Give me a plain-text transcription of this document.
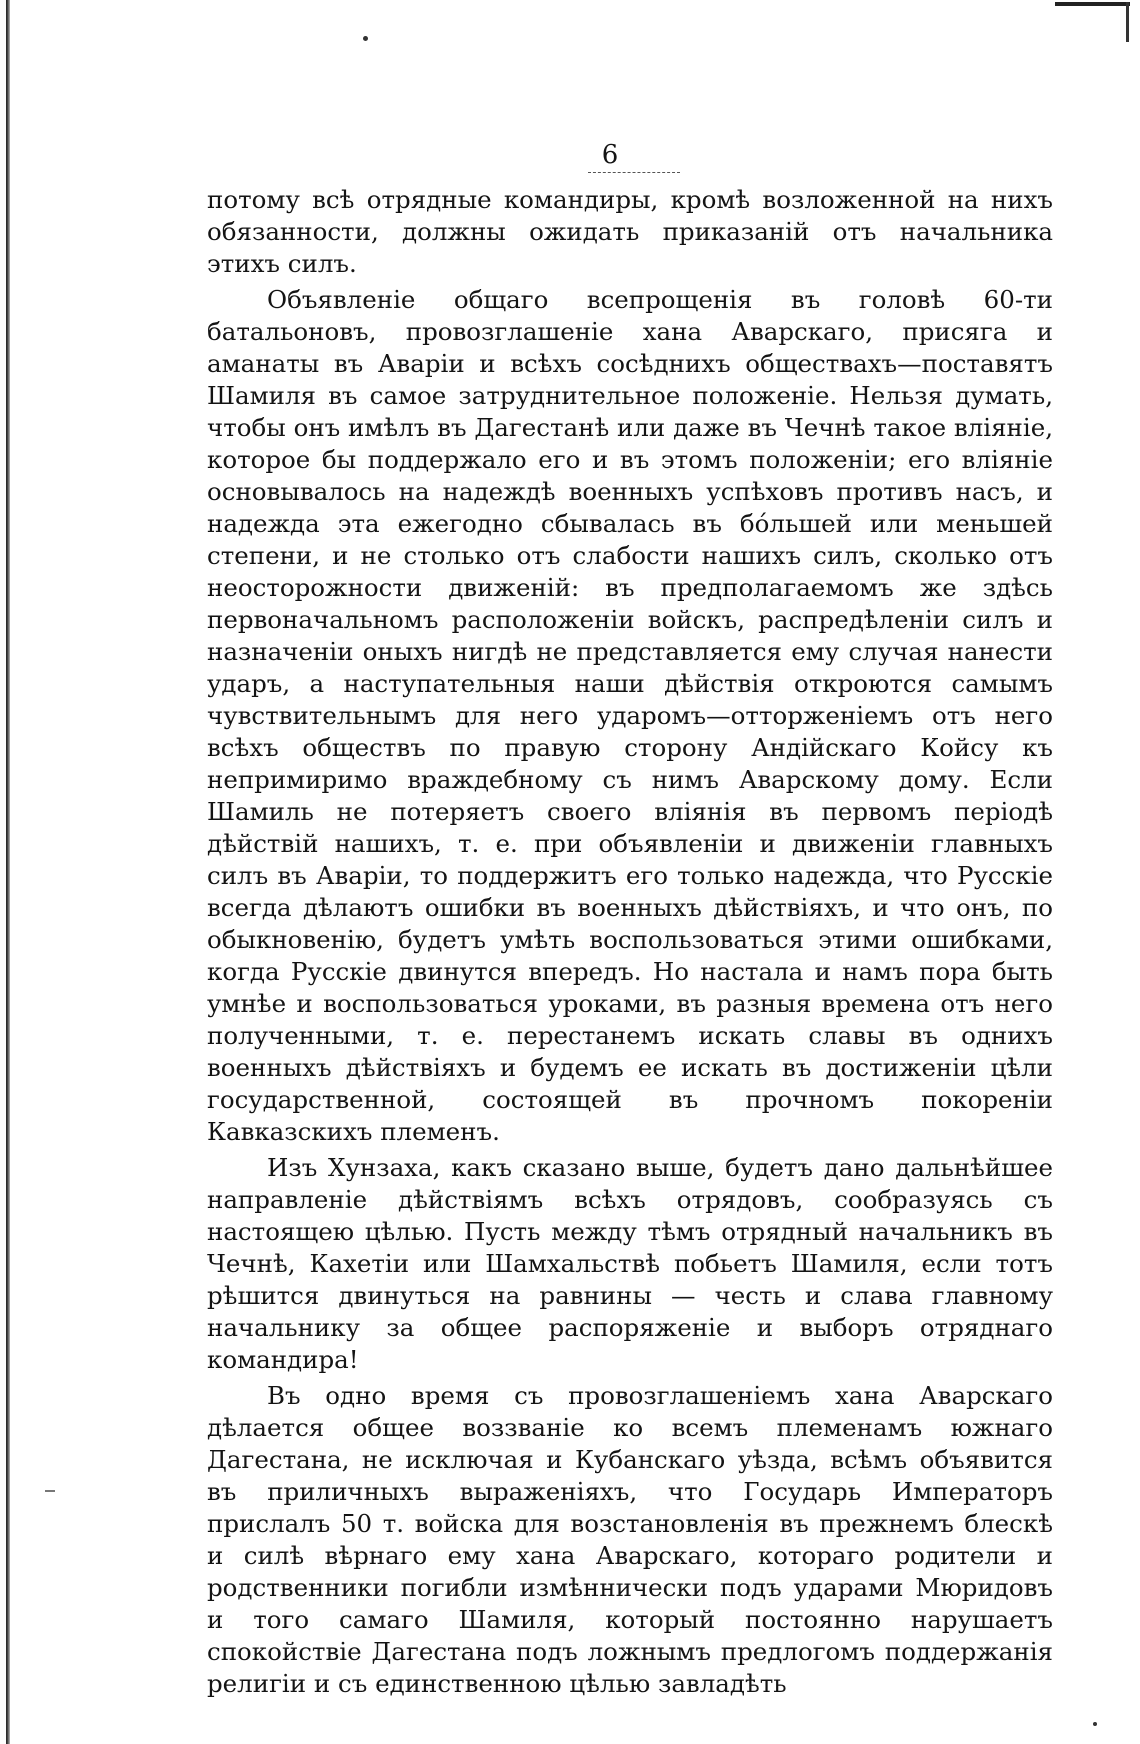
6

потому всѣ отрядные командиры, кромѣ возложенной на нихъ обязанности, должны ожидать приказаній отъ начальника этихъ силъ.

Объявленіе общаго всепрощенія въ головѣ 60-ти батальоновъ, провозглашеніе хана Аварскаго, присяга и аманаты въ Аваріи и всѣхъ сосѣднихъ обществахъ—поставятъ Шамиля въ самое затруднительное положеніе. Нельзя думать, чтобы онъ имѣлъ въ Дагестанѣ или даже въ Чечнѣ такое вліяніе, которое бы поддержало его и въ этомъ положеніи; его вліяніе основывалось на надеждѣ военныхъ успѣховъ противъ насъ, и надежда эта ежегодно сбывалась въ бóльшей или меньшей степени, и не столько отъ слабости нашихъ силъ, сколько отъ неосторожности движеній: въ предполагаемомъ же здѣсь первоначальномъ расположеніи войскъ, распредѣленіи силъ и назначеніи оныхъ нигдѣ не представляется ему случая нанести ударъ, а наступательныя наши дѣйствія откроются самымъ чувствительнымъ для него ударомъ—отторженіемъ отъ него всѣхъ обществъ по правую сторону Андійскаго Койсу къ непримиримо враждебному съ нимъ Аварскому дому. Если Шамиль не потеряетъ своего вліянія въ первомъ періодѣ дѣйствій нашихъ, т. е. при объявленіи и движеніи главныхъ силъ въ Аваріи, то поддержитъ его только надежда, что Русскіе всегда дѣлаютъ ошибки въ военныхъ дѣйствіяхъ, и что онъ, по обыкновенію, будетъ умѣть воспользоваться этими ошибками, когда Русскіе двинутся впередъ. Но настала и намъ пора быть умнѣе и воспользоваться уроками, въ разныя времена отъ него полученными, т. е. перестанемъ искать славы въ однихъ военныхъ дѣйствіяхъ и будемъ ее искать въ достиженіи цѣли государственной, состоящей въ прочномъ покореніи Кавказскихъ племенъ.

Изъ Хунзаха, какъ сказано выше, будетъ дано дальнѣйшее направленіе дѣйствіямъ всѣхъ отрядовъ, сообразуясь съ настоящею цѣлью. Пусть между тѣмъ отрядный начальникъ въ Чечнѣ, Кахетіи или Шамхальствѣ побьетъ Шамиля, если тотъ рѣшится двинуться на равнины — честь и слава главному начальнику за общее распоряженіе и выборъ отряднаго командира!

Въ одно время съ провозглашеніемъ хана Аварскаго дѣлается общее воззваніе ко всемъ племенамъ южнаго Дагестана, не исключая и Кубанскаго уѣзда, всѣмъ объявится въ приличныхъ выраженіяхъ, что Государь Императоръ прислалъ 50 т. войска для возстановленія въ прежнемъ блескѣ и силѣ вѣрнаго ему хана Аварскаго, котораго родители и родственники погибли измѣннически подъ ударами Мюридовъ и того самаго Шамиля, который постоянно нарушаетъ спокойствіе Дагестана подъ ложнымъ предлогомъ поддержанія религіи и съ единственною цѣлью завладѣть
